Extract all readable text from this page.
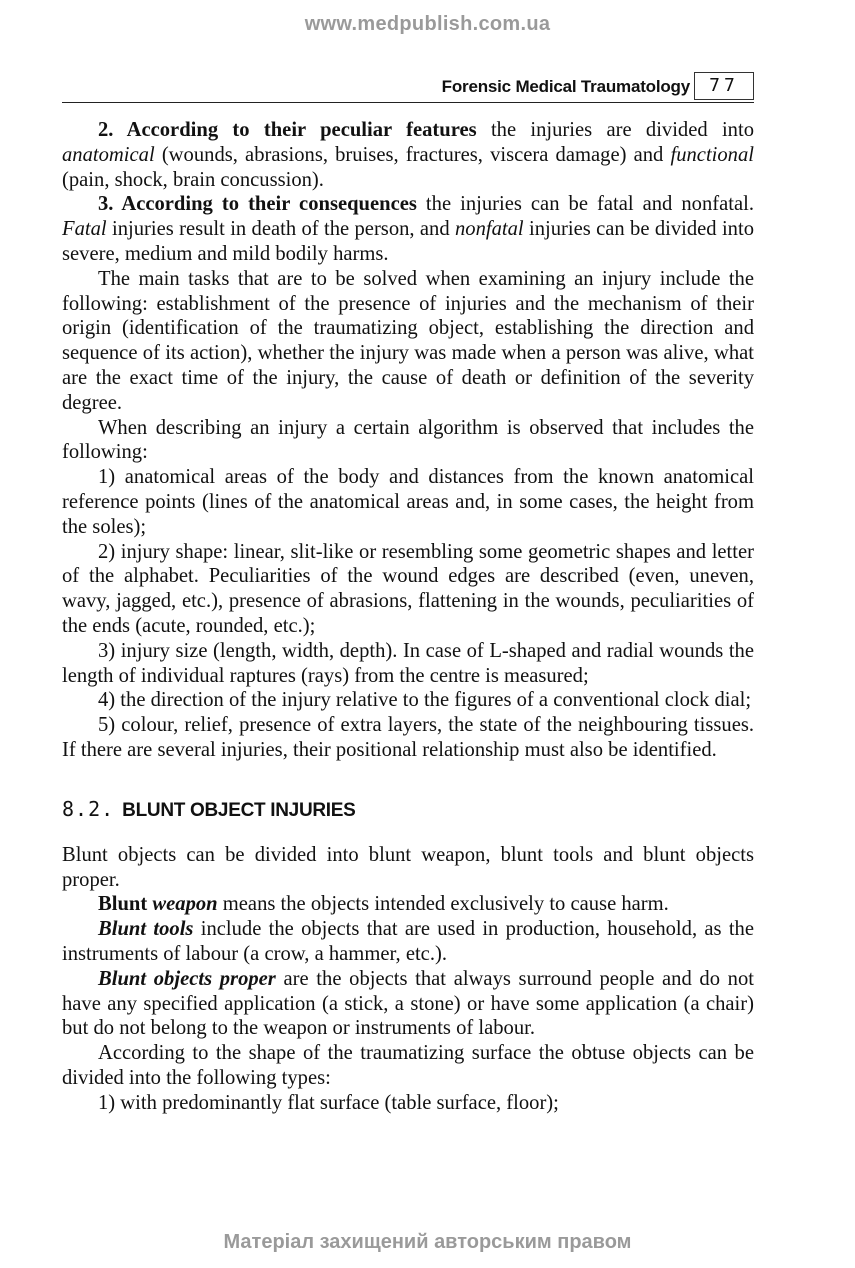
www.medpublish.com.ua
Forensic Medical Traumatology	77

2. According to their peculiar features the injuries are divided into anatomical (wounds, abrasions, bruises, fractures, viscera damage) and functional (pain, shock, brain concussion).

3. According to their consequences the injuries can be fatal and nonfatal. Fatal injuries result in death of the person, and nonfatal injuries can be divided into severe, medium and mild bodily harms.

The main tasks that are to be solved when examining an injury include the following: establishment of the presence of injuries and the mechanism of their origin (identification of the traumatizing object, establishing the direction and sequence of its action), whether the injury was made when a person was alive, what are the exact time of the injury, the cause of death or definition of the severity degree.

When describing an injury a certain algorithm is observed that includes the following:

1) anatomical areas of the body and distances from the known anatomical reference points (lines of the anatomical areas and, in some cases, the height from the soles);

2) injury shape: linear, slit-like or resembling some geometric shapes and letter of the alphabet. Peculiarities of the wound edges are described (even, uneven, wavy, jagged, etc.), presence of abrasions, flattening in the wounds, peculiarities of the ends (acute, rounded, etc.);

3) injury size (length, width, depth). In case of L-shaped and radial wounds the length of individual raptures (rays) from the centre is measured;

4) the direction of the injury relative to the figures of a conventional clock dial;

5) colour, relief, presence of extra layers, the state of the neighbouring tissues. If there are several injuries, their positional relationship must also be identified.

8.2. BLUNT OBJECT INJURIES

Blunt objects can be divided into blunt weapon, blunt tools and blunt objects proper.

Blunt weapon means the objects intended exclusively to cause harm.

Blunt tools include the objects that are used in production, household, as the instruments of labour (a crow, a hammer, etc.).

Blunt objects proper are the objects that always surround people and do not have any specified application (a stick, a stone) or have some application (a chair) but do not belong to the weapon or instruments of labour.

According to the shape of the traumatizing surface the obtuse objects can be divided into the following types:

1) with predominantly flat surface (table surface, floor);

Матеріал захищений авторським правом
